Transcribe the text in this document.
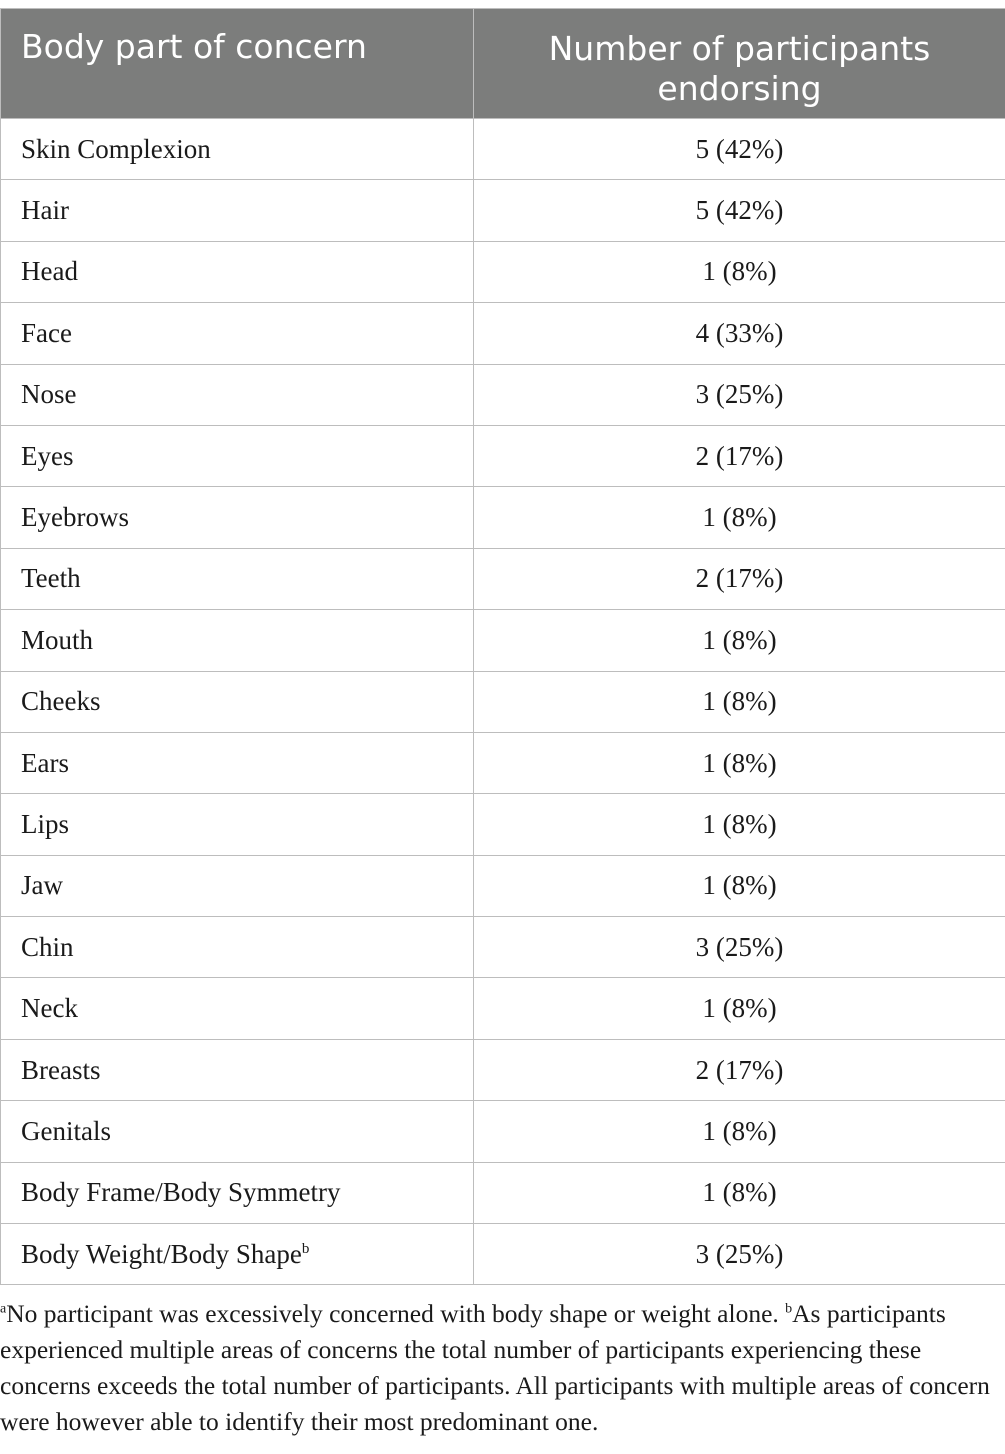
Body part of concern	Number of participants endorsing
Skin Complexion	5 (42%)
Hair	5 (42%)
Head	1 (8%)
Face	4 (33%)
Nose	3 (25%)
Eyes	2 (17%)
Eyebrows	1 (8%)
Teeth	2 (17%)
Mouth	1 (8%)
Cheeks	1 (8%)
Ears	1 (8%)
Lips	1 (8%)
Jaw	1 (8%)
Chin	3 (25%)
Neck	1 (8%)
Breasts	2 (17%)
Genitals	1 (8%)
Body Frame/Body Symmetry	1 (8%)
Body Weight/Body Shape$^b$	3 (25%)

$^a$No participant was excessively concerned with body shape or weight alone. $^b$As participants experienced multiple areas of concerns the total number of participants experiencing these concerns exceeds the total number of participants. All participants with multiple areas of concern were however able to identify their most predominant one.
